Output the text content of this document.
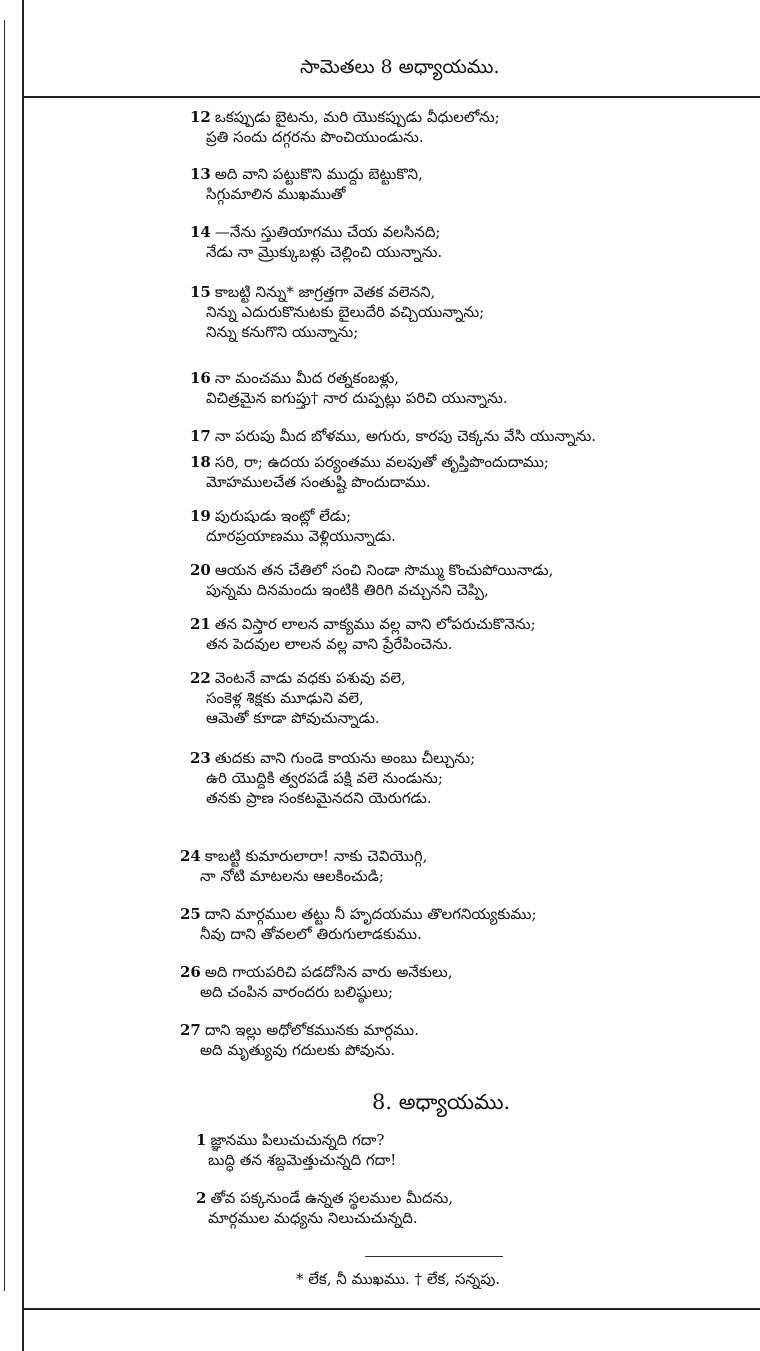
సామెతలు 8 అధ్యాయము.
12 ఒకప్పుడు బైటను, మరి యొకప్పుడు వీధులలోను;
ప్రతి సందు దగ్గరను పొంచియుండును.
13 అది వాని పట్టుకొని ముద్దు బెట్టుకొని,
సిగ్గుమాలిన ముఖముతో
14 —నేను స్తుతియాగము చేయ వలసినది;
నేడు నా మ్రొక్కుబళ్లు చెల్లించి యున్నాను.
15 కాబట్టి నిన్ను* జాగ్రత్తగా వెతక వలెనని,
నిన్ను ఎదురుకొనుటకు బైలుదేరి వచ్చియున్నాను;
నిన్ను కనుగొని యున్నాను;
16 నా మంచము మీద రత్నకంబళ్లు,
విచిత్రమైన ఐగుప్తు† నార దుప్పట్లు పరిచి యున్నాను.
17 నా పరుపు మీద బోళము, అగురు, కారపు చెక్కను వేసి యున్నాను.
18 సరి, రా; ఉదయ పర్యంతము వలపుతో తృప్తిపొందుదాము;
మోహములచేత సంతుష్టి పొందుదాము.
19 పురుషుడు ఇంట్లో లేడు;
దూరప్రయాణము వెళ్లియున్నాడు.
20 ఆయన తన చేతిలో సంచి నిండా సొమ్ము కొంచుపోయినాడు,
పున్నమ దినమందు ఇంటికి తిరిగి వచ్చునని చెప్పి,
21 తన విస్తార లాలన వాక్యము వల్ల వాని లోపరుచుకొనెను;
తన పెదవుల లాలన వల్ల వాని ప్రేరేపించెను.
22 వెంటనే వాడు వధకు పశువు వలె,
సంకెళ్ల శిక్షకు మూఢుని వలె,
ఆమెతో కూడా పోవుచున్నాడు.
23 తుదకు వాని గుండె కాయను అంబు చీల్చును;
ఉరి యొద్దికి త్వరపడే పక్షి వలె నుండును;
తనకు ప్రాణ సంకటమైనదని యెరుగడు.
24 కాబట్టి కుమారులారా! నాకు చెవియొగ్గి,
నా నోటి మాటలను ఆలకించుడి;
25 దాని మార్గముల తట్టు నీ హృదయము తొలగనియ్యకుము;
నీవు దాని తోవలలో తిరుగులాడకుము.
26 అది గాయపరిచి పడదోసిన వారు అనేకులు,
అది చంపిన వారందరు బలిష్ఠులు;
27 దాని ఇల్లు అధోలోకమునకు మార్గము.
అది మృత్యువు గదులకు పోవును.
8. అధ్యాయము.
1 జ్ఞానము పిలుచుచున్నది గదా?
బుద్ధి తన శబ్దమెత్తుచున్నది గదా!
2 తోవ పక్కనుండే ఉన్నత స్థలముల మీదను,
మార్గముల మధ్యను నిలుచుచున్నది.
* లేక, నీ ముఖము. † లేక, సన్నపు.
